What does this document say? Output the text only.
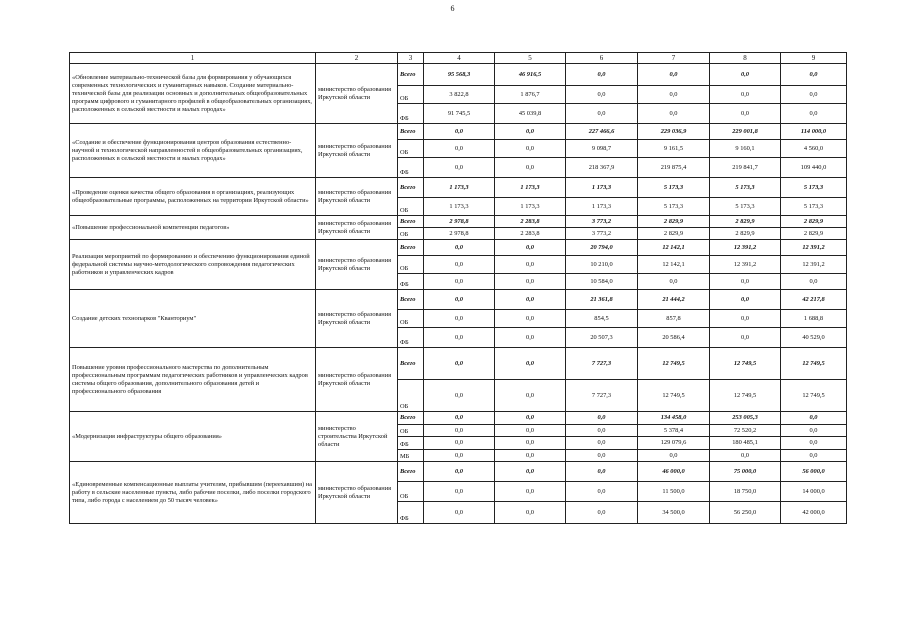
6
1	2	3	4	5	6	7	8	9
«Обновление материально-технической базы для формирования у обучающихся современных технологических и гуманитарных навыков. Создание материально-технической базы для реализации основных и дополнительных общеобразовательных программ цифрового и гуманитарного профилей в общеобразовательных организациях, расположенных в сельской местности и малых городах»	министерство образования Иркутской области	Всего	95 568,3	46 916,5	0,0	0,0	0,0	0,0
		ОБ	3 822,8	1 876,7	0,0	0,0	0,0	0,0
		ФБ	91 745,5	45 039,8	0,0	0,0	0,0	0,0
«Создание и обеспечение функционирования центров образования естественно-научной и технологической направленностей в общеобразовательных организациях, расположенных в сельской местности и малых городах»	министерство образования Иркутской области	Всего	0,0	0,0	227 466,6	229 036,9	229 001,8	114 000,0
		ОБ	0,0	0,0	9 098,7	9 161,5	9 160,1	4 560,0
		ФБ	0,0	0,0	218 367,9	219 875,4	219 841,7	109 440,0
«Проведение оценки качества общего образования в организациях, реализующих общеобразовательные программы, расположенных на территории Иркутской области»	министерство образования Иркутской области	Всего	1 173,3	1 173,3	1 173,3	5 173,3	5 173,3	5 173,3
		ОБ	1 173,3	1 173,3	1 173,3	5 173,3	5 173,3	5 173,3
«Повышение профессиональной компетенции педагогов»	министерство образования Иркутской области	Всего	2 978,8	2 283,8	3 773,2	2 829,9	2 829,9	2 829,9
		ОБ	2 978,8	2 283,8	3 773,2	2 829,9	2 829,9	2 829,9
Реализация мероприятий по формированию и обеспечению функционирования единой федеральной системы научно-методологического сопровождения педагогических работников и управленческих кадров	министерство образования Иркутской области	Всего	0,0	0,0	20 794,0	12 142,1	12 391,2	12 391,2
		ОБ	0,0	0,0	10 210,0	12 142,1	12 391,2	12 391,2
		ФБ	0,0	0,0	10 584,0	0,0	0,0	0,0
Создание детских технопарков "Кванториум"	министерство образования Иркутской области	Всего	0,0	0,0	21 361,8	21 444,2	0,0	42 217,8
		ОБ	0,0	0,0	854,5	857,8	0,0	1 688,8
		ФБ	0,0	0,0	20 507,3	20 586,4	0,0	40 529,0
Повышение уровня профессионального мастерства по дополнительным профессиональным программам педагогических работников и управленческих кадров системы общего образования, дополнительного образования детей и профессионального образования	министерство образования Иркутской области	Всего	0,0	0,0	7 727,3	12 749,5	12 749,5	12 749,5
		ОБ	0,0	0,0	7 727,3	12 749,5	12 749,5	12 749,5
«Модернизация инфраструктуры общего образования»	министерство строительства Иркутской области	Всего	0,0	0,0	0,0	134 458,0	253 005,3	0,0
		ОБ	0,0	0,0	0,0	5 378,4	72 520,2	0,0
		ФБ	0,0	0,0	0,0	129 079,6	180 485,1	0,0
		МБ	0,0	0,0	0,0	0,0	0,0	0,0
«Единовременные компенсационные выплаты учителям, прибывшим (переехавшим) на работу в сельские населенные пункты, либо рабочие поселки, либо поселки городского типа, либо города с населением до 50 тысяч человек»	министерство образования Иркутской области	Всего	0,0	0,0	0,0	46 000,0	75 000,0	56 000,0
		ОБ	0,0	0,0	0,0	11 500,0	18 750,0	14 000,0
		ФБ	0,0	0,0	0,0	34 500,0	56 250,0	42 000,0
